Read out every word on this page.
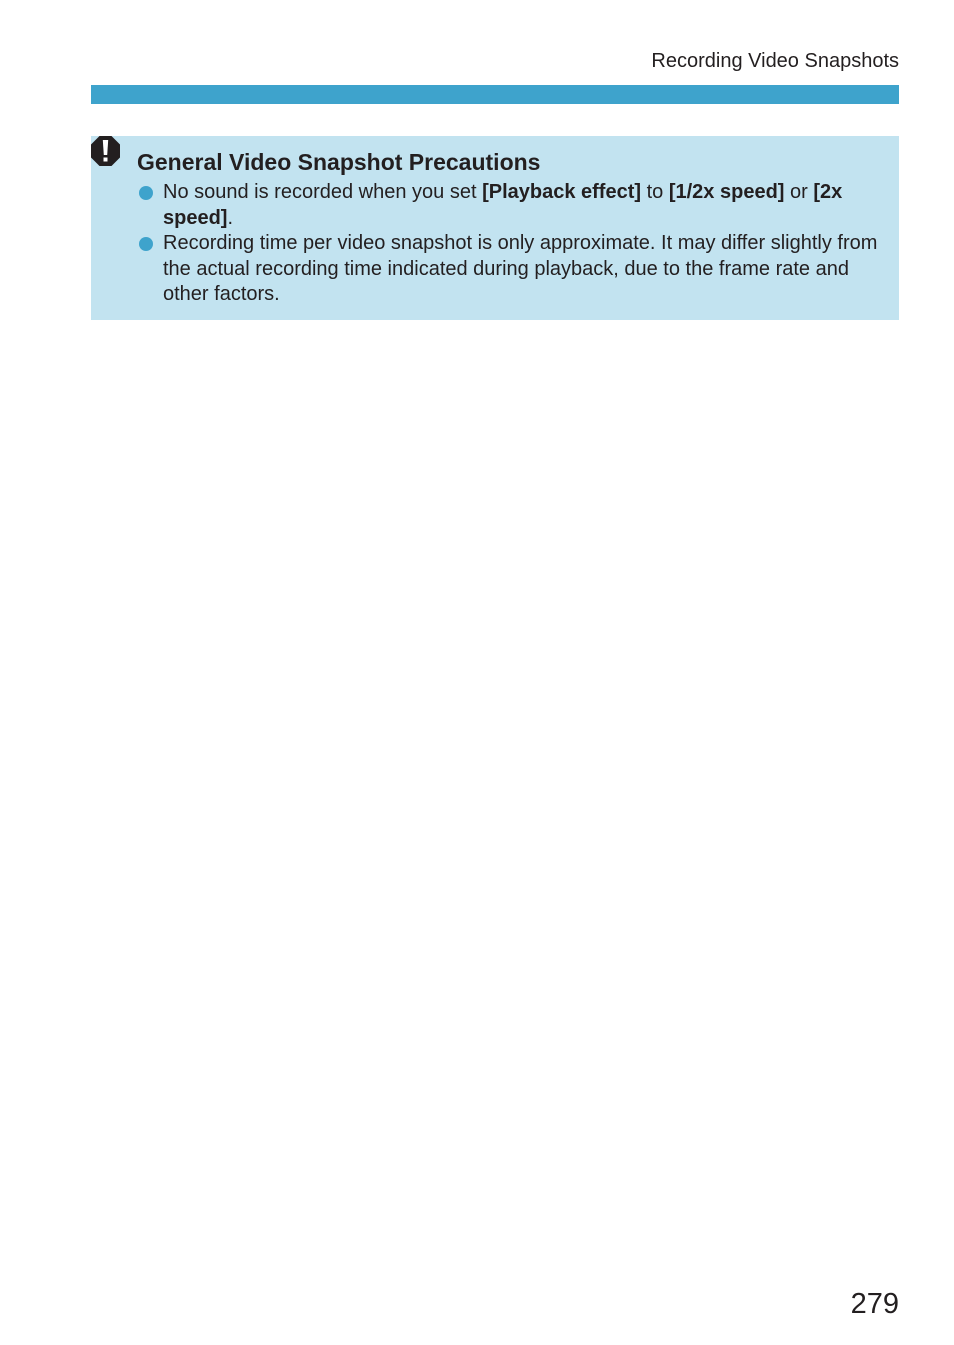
Recording Video Snapshots
General Video Snapshot Precautions
No sound is recorded when you set [Playback effect] to [1/2x speed] or [2x speed].
Recording time per video snapshot is only approximate. It may differ slightly from the actual recording time indicated during playback, due to the frame rate and other factors.
279
